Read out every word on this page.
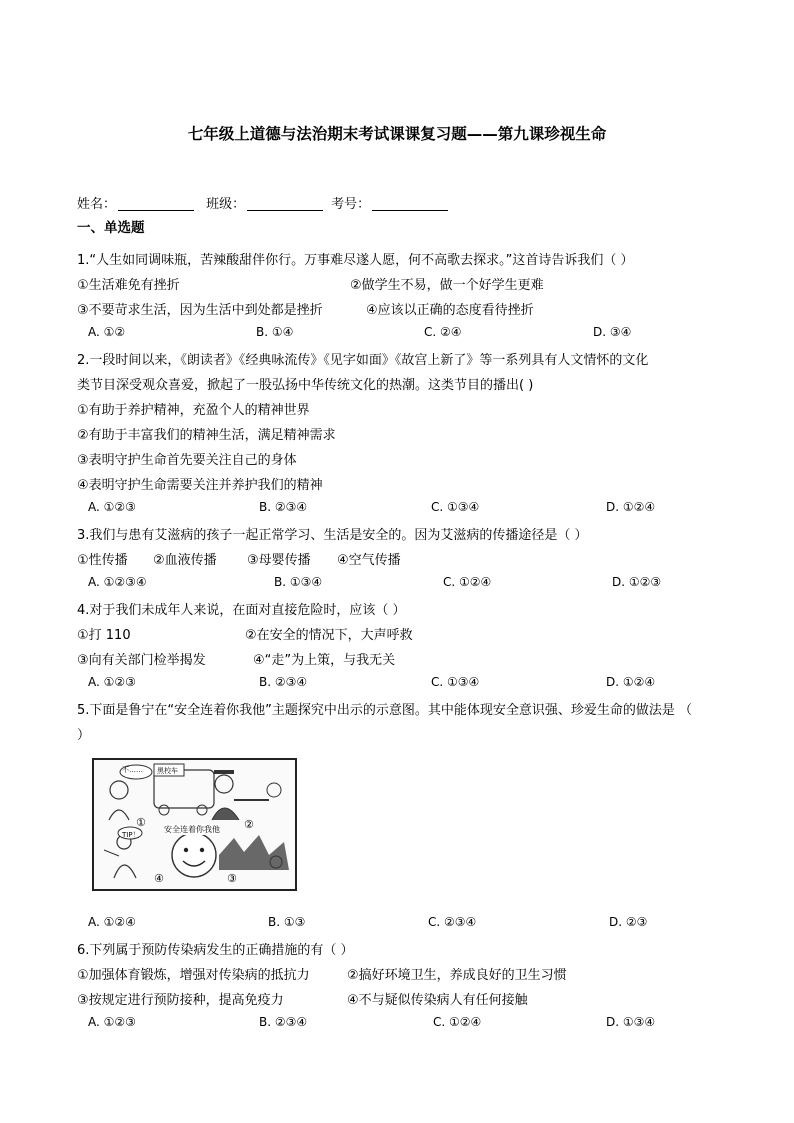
七年级上道德与法治期末考试课课复习题——第九课珍视生命
姓名：	班级：	考号：
一、单选题
1.“人生如同调味瓶，苦辣酸甜伴你行。万事难尽遂人愿，何不高歌去探求。”这首诗告诉我们（ ）
①生活难免有挫折	②做学生不易，做一个好学生更难
③不要苛求生活，因为生活中到处都是挫折	④应该以正确的态度看待挫折
A. ①②	B. ①④	C. ②④	D. ③④
2.一段时间以来，《朗读者》《经典咏流传》《见字如面》《故宫上新了》等一系列具有人文情怀的文化
类节目深受观众喜爱，掀起了一股弘扬中华传统文化的热潮。这类节目的播出( )
①有助于养护精神，充盈个人的精神世界
②有助于丰富我们的精神生活，满足精神需求
③表明守护生命首先要关注自己的身体
④表明守护生命需要关注并养护我们的精神
A. ①②③	B. ②③④	C. ①③④	D. ①②④
3.我们与患有艾滋病的孩子一起正常学习、生活是安全的。因为艾滋病的传播途径是（ ）
①性传播 ②血液传播 ③母婴传播 ④空气传播
A. ①②③④	B. ①③④	C. ①②④	D. ①②③
4.对于我们未成年人来说，在面对直接危险时，应该（ ）
①打 110	②在安全的情况下，大声呼救
③向有关部门检举揭发	④“走”为上策，与我无关
A. ①②③	B. ②③④	C. ①③④	D. ①②④
5.下面是鲁宁在“安全连着你我他”主题探究中出示的示意图。其中能体现安全意识强、珍爱生命的做法是 （
）
不…… 黑校车
TIP！
安全连着你我他
①	②
③
④
A. ①②④	B. ①③	C. ②③④	D. ②③
6.下列属于预防传染病发生的正确措施的有（ ）
①加强体育锻炼，增强对传染病的抵抗力	②搞好环境卫生，养成良好的卫生习惯
③按规定进行预防接种，提高免疫力	④不与疑似传染病人有任何接触
A. ①②③	B. ②③④	C. ①②④	D. ①③④
